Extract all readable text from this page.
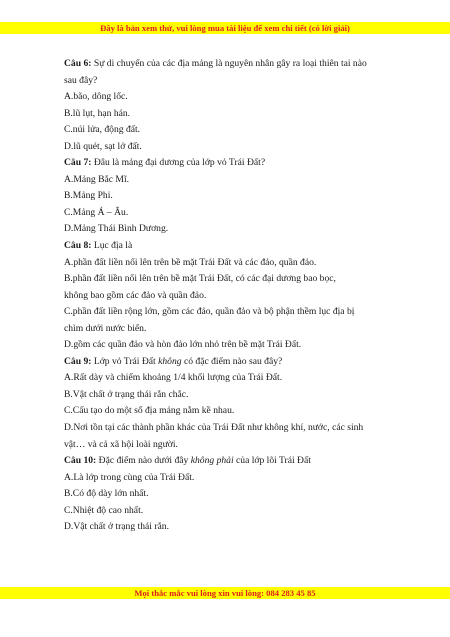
Đây là bản xem thử, vui lòng mua tài liệu để xem chi tiết (có lời giải)
Câu 6: Sự di chuyển của các địa mảng là nguyên nhân gây ra loại thiên tai nào
sau đây?
A.bão, dông lốc.
B.lũ lụt, hạn hán.
C.núi lửa, động đất.
D.lũ quét, sạt lở đất.
Câu 7: Đâu là mảng đại dương của lớp vỏ Trái Đất?
A.Mảng Bắc Mĩ.
B.Mảng Phi.
C.Mảng Á – Âu.
D.Mảng Thái Bình Dương.
Câu 8: Lục địa là
A.phần đất liền nổi lên trên bề mặt Trái Đất và các đảo, quần đảo.
B.phần đất liền nổi lên trên bề mặt Trái Đất, có các đại dương bao bọc,
không bao gồm các đảo và quần đảo.
C.phần đất liền rộng lớn, gồm các đảo, quần đảo và bộ phận thềm lục địa bị
chìm dưới nước biển.
D.gồm các quần đảo và hòn đảo lớn nhỏ trên bề mặt Trái Đất.
Câu 9: Lớp vỏ Trái Đất không có đặc điểm nào sau đây?
A.Rất dày và chiếm khoảng 1/4 khối lượng của Trái Đất.
B.Vật chất ở trạng thái rắn chắc.
C.Cấu tạo do một số địa mảng nằm kề nhau.
D.Nơi tồn tại các thành phần khác của Trái Đất như không khí, nước, các sinh
vật… và cả xã hội loài người.
Câu 10: Đặc điểm nào dưới đây không phải của lớp lõi Trái Đất
A.Là lớp trong cùng của Trái Đất.
B.Có độ dày lớn nhất.
C.Nhiệt độ cao nhất.
D.Vật chất ở trạng thái rắn.
Mọi thắc mắc vui lòng xin vui lòng: 084 283 45 85
